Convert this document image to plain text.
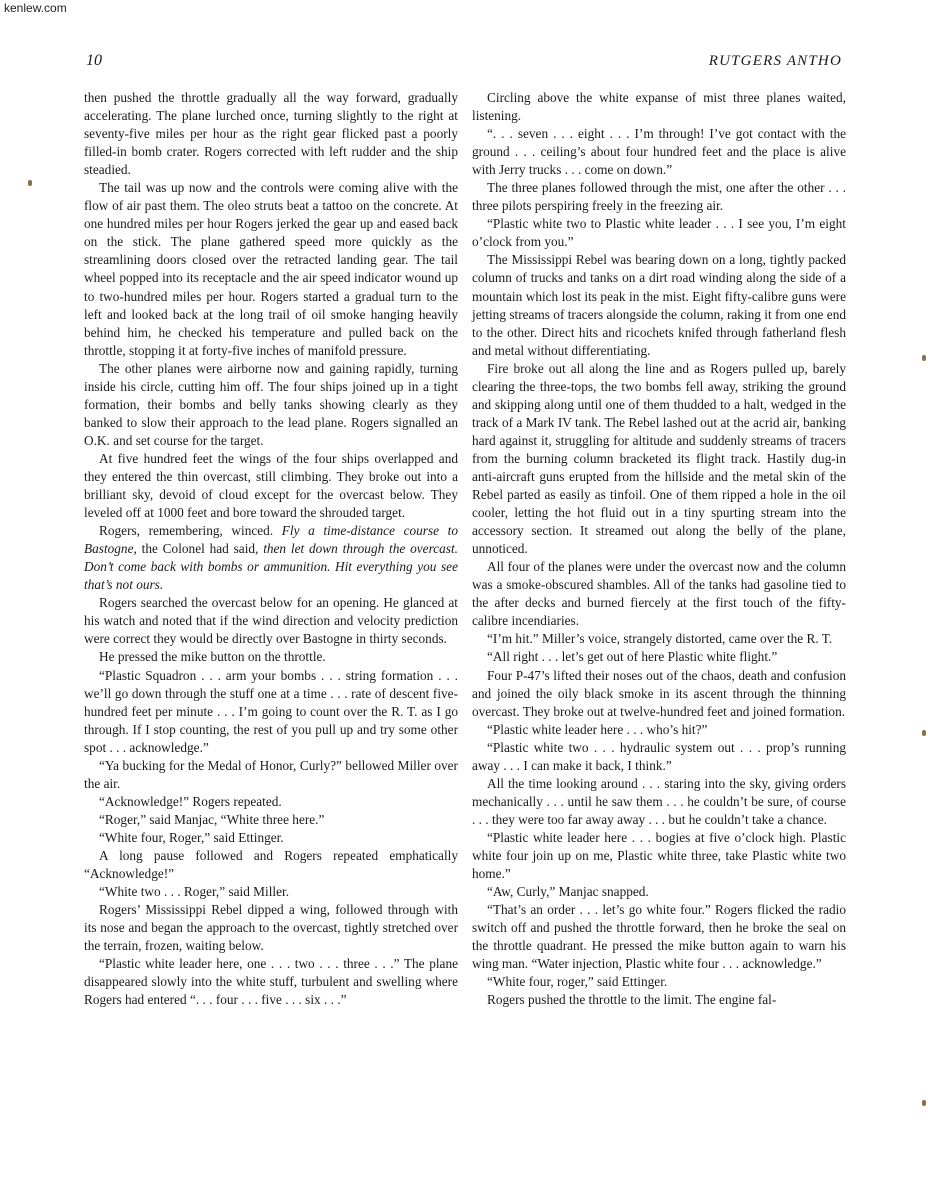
kenlew.com
10	RUTGERS ANTHO

then pushed the throttle gradually all the way forward, gradually accelerating. The plane lurched once, turning slightly to the right at seventy-five miles per hour as the right gear flicked past a poorly filled-in bomb crater. Rogers corrected with left rudder and the ship steadied.

The tail was up now and the controls were coming alive with the flow of air past them. The oleo struts beat a tattoo on the concrete. At one hundred miles per hour Rogers jerked the gear up and eased back on the stick. The plane gathered speed more quickly as the streamlining doors closed over the retracted landing gear. The tail wheel popped into its receptacle and the air speed indicator wound up to two-hundred miles per hour. Rogers started a gradual turn to the left and looked back at the long trail of oil smoke hanging heavily behind him, he checked his temperature and pulled back on the throttle, stopping it at forty-five inches of manifold pressure.

The other planes were airborne now and gaining rapidly, turning inside his circle, cutting him off. The four ships joined up in a tight formation, their bombs and belly tanks showing clearly as they banked to slow their approach to the lead plane. Rogers signalled an O.K. and set course for the target.

At five hundred feet the wings of the four ships overlapped and they entered the thin overcast, still climbing. They broke out into a brilliant sky, devoid of cloud except for the overcast below. They leveled off at 1000 feet and bore toward the shrouded target.

Rogers, remembering, winced. Fly a time-distance course to Bastogne, the Colonel had said, then let down through the overcast. Don’t come back with bombs or ammunition. Hit everything you see that’s not ours.

Rogers searched the overcast below for an opening. He glanced at his watch and noted that if the wind direction and velocity prediction were correct they would be directly over Bastogne in thirty seconds.

He pressed the mike button on the throttle.

“Plastic Squadron . . . arm your bombs . . . string formation . . . we’ll go down through the stuff one at a time . . . rate of descent five-hundred feet per minute . . . I’m going to count over the R. T. as I go through. If I stop counting, the rest of you pull up and try some other spot . . . acknowledge.”

“Ya bucking for the Medal of Honor, Curly?” bellowed Miller over the air.

“Acknowledge!” Rogers repeated.

“Roger,” said Manjac, “White three here.”

“White four, Roger,” said Ettinger.

A long pause followed and Rogers repeated emphatically “Acknowledge!”

“White two . . . Roger,” said Miller.

Rogers’ Mississippi Rebel dipped a wing, followed through with its nose and began the approach to the overcast, tightly stretched over the terrain, frozen, waiting below.

“Plastic white leader here, one . . . two . . . three . . .” The plane disappeared slowly into the white stuff, turbulent and swelling where Rogers had entered “. . . four . . . five . . . six . . .”

Circling above the white expanse of mist three planes waited, listening.

“. . . seven . . . eight . . . I’m through! I’ve got contact with the ground . . . ceiling’s about four hundred feet and the place is alive with Jerry trucks . . . come on down.”

The three planes followed through the mist, one after the other . . . three pilots perspiring freely in the freezing air.

“Plastic white two to Plastic white leader . . . I see you, I’m eight o’clock from you.”

The Mississippi Rebel was bearing down on a long, tightly packed column of trucks and tanks on a dirt road winding along the side of a mountain which lost its peak in the mist. Eight fifty-calibre guns were jetting streams of tracers alongside the column, raking it from one end to the other. Direct hits and ricochets knifed through fatherland flesh and metal without differentiating.

Fire broke out all along the line and as Rogers pulled up, barely clearing the three-tops, the two bombs fell away, striking the ground and skipping along until one of them thudded to a halt, wedged in the track of a Mark IV tank. The Rebel lashed out at the acrid air, banking hard against it, struggling for altitude and suddenly streams of tracers from the burning column bracketed its flight track. Hastily dug-in anti-aircraft guns erupted from the hillside and the metal skin of the Rebel parted as easily as tinfoil. One of them ripped a hole in the oil cooler, letting the hot fluid out in a tiny spurting stream into the accessory section. It streamed out along the belly of the plane, unnoticed.

All four of the planes were under the overcast now and the column was a smoke-obscured shambles. All of the tanks had gasoline tied to the after decks and burned fiercely at the first touch of the fifty-calibre incendiaries.

“I’m hit.” Miller’s voice, strangely distorted, came over the R. T.

“All right . . . let’s get out of here Plastic white flight.”

Four P-47’s lifted their noses out of the chaos, death and confusion and joined the oily black smoke in its ascent through the thinning overcast. They broke out at twelve-hundred feet and joined formation.

“Plastic white leader here . . . who’s hit?”

“Plastic white two . . . hydraulic system out . . . prop’s running away . . . I can make it back, I think.”

All the time looking around . . . staring into the sky, giving orders mechanically . . . until he saw them . . . he couldn’t be sure, of course . . . they were too far away away . . . but he couldn’t take a chance.

“Plastic white leader here . . . bogies at five o’clock high. Plastic white four join up on me, Plastic white three, take Plastic white two home.”

“Aw, Curly,” Manjac snapped.

“That’s an order . . . let’s go white four.” Rogers flicked the radio switch off and pushed the throttle forward, then he broke the seal on the throttle quadrant. He pressed the mike button again to warn his wing man. “Water injection, Plastic white four . . . acknowledge.”

“White four, roger,” said Ettinger.

Rogers pushed the throttle to the limit. The engine fal-
